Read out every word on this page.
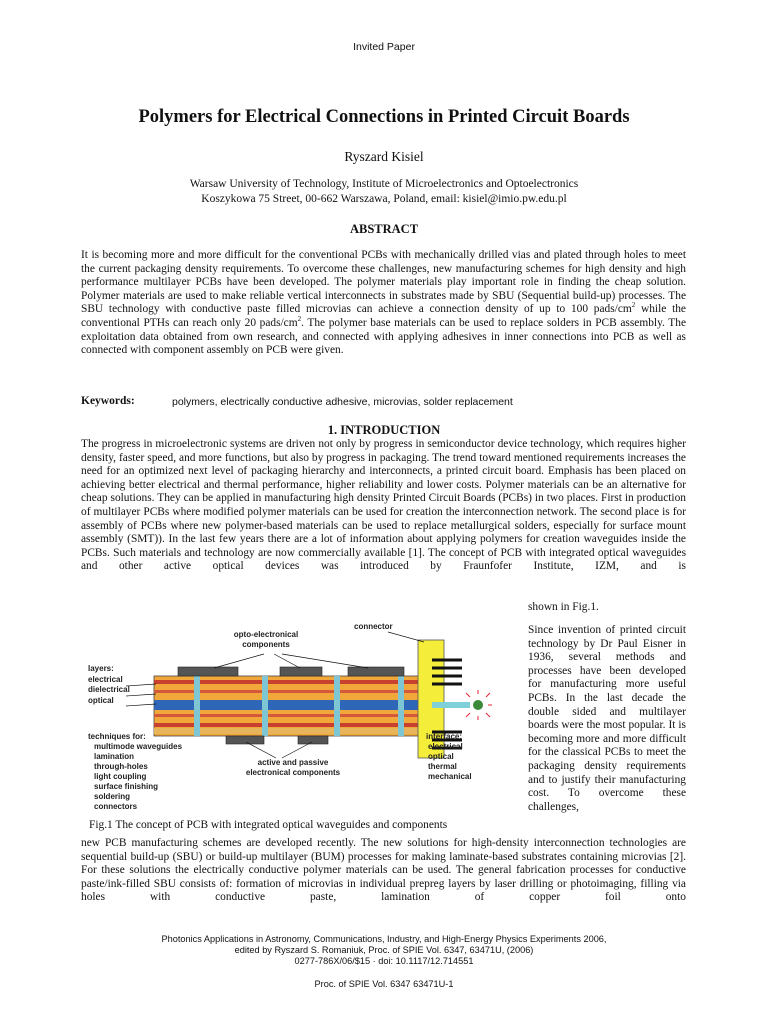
Invited Paper
Polymers for Electrical Connections in Printed Circuit Boards
Ryszard Kisiel
Warsaw University of Technology, Institute of Microelectronics and Optoelectronics
Koszykowa 75 Street, 00-662 Warszawa, Poland, email: kisiel@imio.pw.edu.pl
ABSTRACT

It is becoming more and more difficult for the conventional PCBs with mechanically drilled vias and plated through holes to meet the current packaging density requirements. To overcome these challenges, new manufacturing schemes for high density and high performance multilayer PCBs have been developed. The polymer materials play important role in finding the cheap solution. Polymer materials are used to make reliable vertical interconnects in substrates made by SBU (Sequential build-up) processes. The SBU technology with conductive paste filled microvias can achieve a connection density of up to 100 pads/$cm^2$ while the conventional PTHs can reach only 20 pads/$cm^2$. The polymer base materials can be used to replace solders in PCB assembly. The exploitation data obtained from own research, and connected with applying adhesives in inner connections into PCB as well as connected with component assembly on PCB were given.

Keywords:	polymers, electrically conductive adhesive, microvias, solder replacement
1. INTRODUCTION

The progress in microelectronic systems are driven not only by progress in semiconductor device technology, which requires higher density, faster speed, and more functions, but also by progress in packaging. The trend toward mentioned requirements increases the need for an optimized next level of packaging hierarchy and interconnects, a printed circuit board. Emphasis has been placed on achieving better electrical and thermal performance, higher reliability and lower costs. Polymer materials can be an alternative for cheap solutions. They can be applied in manufacturing high density Printed Circuit Boards (PCBs) in two places. First in production of multilayer PCBs where modified polymer materials can be used for creation the interconnection network. The second place is for assembly of PCBs where new polymer-based materials can be used to replace metallurgical solders, especially for surface mount assembly (SMT)). In the last few years there are a lot of information about applying polymers for creation waveguides inside the PCBs. Such materials and technology are now commercially available [1]. The concept of PCB with integrated optical waveguides and other active optical devices was introduced by Fraunfofer Institute, IZM, and is

shown in Fig.1.

Since invention of printed circuit technology by Dr Paul Eisner in 1936, several methods and processes have been developed for manufacturing more useful PCBs. In the last decade the double sided and multilayer boards were the most popular. It is becoming more and more difficult for the classical PCBs to meet the packaging density requirements and to justify their manufacturing cost. To overcome these challenges,

opto-electronical
components
connector
layers:
electrical
dielectrical
optical
techniques for:
multimode waveguides
lamination
through-holes
light coupling
surface finishing
soldering
connectors
active and passive
electronical components
interface:
electrical
optical
thermal
mechanical
Fig.1 The concept of PCB with integrated optical waveguides and components

new PCB manufacturing schemes are developed recently. The new solutions for high-density interconnection technologies are sequential build-up (SBU) or build-up multilayer (BUM) processes for making laminate-based substrates containing microvias [2]. For these solutions the electrically conductive polymer materials can be used. The general fabrication processes for conductive paste/ink-filled SBU consists of: formation of microvias in individual prepreg layers by laser drilling or photoimaging, filling via holes with conductive paste, lamination of copper foil onto

Photonics Applications in Astronomy, Communications, Industry, and High-Energy Physics Experiments 2006,
edited by Ryszard S. Romaniuk, Proc. of SPIE Vol. 6347, 63471U, (2006)
0277-786X/06/$15 · doi: 10.1117/12.714551
Proc. of SPIE Vol. 6347 63471U-1
